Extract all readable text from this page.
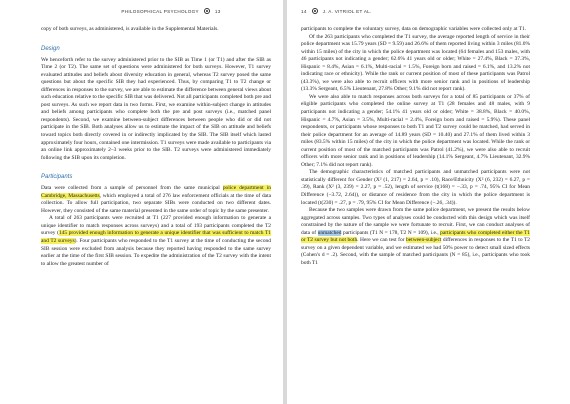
PHILOSOPHICAL PSYCHOLOGY	13

copy of both surveys, as administered, is available in the Supplemental Materials.

Design

We henceforth refer to the survey administered prior to the SIB as Time 1 (or T1) and after the SIB as Time 2 (or T2). The same set of questions were administered for both surveys. However, T1 survey evaluated attitudes and beliefs about diversity education in general, whereas T2 survey posed the same questions but about the specific SIB they had experienced. Thus, by comparing T1 to T2 change or differences in responses to the survey, we are able to estimate the difference between general views about such education relative to the specific SIB that was delivered. Not all participants completed both pre and post surveys. As such we report data in two forms. First, we examine within-subject change in attitudes and beliefs among participants who complete both the pre and post surveys (i.e., matched panel respondents). Second, we examine between-subject differences between people who did or did not participate in the SIB. Both analyses allow us to estimate the impact of the SIB on attitude and beliefs toward topics both directly covered in or indirectly implicated by the SIB. The SIB itself which lasted approximately four hours, contained one intermission. T1 surveys were made available to participants via an online link approximately 2–3 weeks prior to the SIB. T2 surveys were administered immediately following the SIB upon its completion.

Participants

Data were collected from a sample of personnel from the same municipal police department in Cambridge, Massachusetts, which employed a total of 276 law enforcement officials at the time of data collection. To allow full participation, two separate SIBs were conducted on two different dates. However, they consisted of the same material presented in the same order of topic by the same presenter.

A total of 263 participants were recruited at T1 (227 provided enough information to generate a unique identifier to match responses across surveys) and a total of 193 participants completed the T2 survey (145 provided enough information to generate a unique identifier that was sufficient to match T1 and T2 surveys). Four participants who responded to the T1 survey at the time of conducting the second SIB session were excluded from analysis because they reported having responded to the same survey earlier at the time of the first SIB session. To expedite the administration of the T2 survey with the intent to allow the greatest number of

14	J. A. VITRIOL ET AL.

participants to complete the voluntary survey, data on demographic variables were collected only at T1.

Of the 263 participants who completed the T1 survey, the average reported length of service in their police department was 15.79 years (SD = 9.59) and 26.6% of them reported living within 3 miles (81.0% within 15 miles) of the city in which the police department was located (64 females and 153 males, with 46 participants not indicating a gender; 62.6% 41 years old or older; White = 27.4%, Black = 37.3%, Hispanic = 8.4%, Asian = 6.1%, Multi-racial = 1.5%, Foreign born and raised = 6.1%, and 13.2% not indicating race or ethnicity). While the rank or current position of most of these participants was Patrol (43.3%), we were also able to recruit officers with more senior rank and in positions of leadership (13.3% Sergeant, 6.5% Lieutenant, 27.8% Other; 9.1% did not report rank).

We were also able to match responses across both surveys for a total of 85 participants or 37% of eligible participants who completed the online survey at T1 (28 females and 48 males, with 9 participants not indicating a gender; 54.1% 41 years old or older; White = 38.8%, Black = 40.0%, Hispanic = 4.7%, Asian = 3.5%, Multi-racial = 2.4%, Foreign born and raised = 5.9%). These panel respondents, or participants whose responses to both T1 and T2 survey could be matched, had served in their police department for an average of 14.89 years (SD = 10.40) and 27.1% of them lived within 3 miles (83.5% within 15 miles) of the city in which the police department was located. While the rank or current position of most of the matched participants was Patrol (41.2%), we were also able to recruit officers with more senior rank and in positions of leadership (14.1% Sergeant, 4.7% Lieutenant, 32.9% Other; 7.1% did not report rank).

The demographic characteristics of matched participants and unmatched participants were not statistically different for Gender (X² (1, 217) = 2.64, p = .10), Race/Ethnicity (X² (6, 232) = 6.27, p = .39), Rank (X² (3, 239) = 2.27, p = .52), length of service (t(168) = −.33, p = .74, 95% CI for Mean Difference (−3.72, 2.64)), or distance of residence from the city in which the police department is located (t(230) = .27, p = .79, 95% CI for Mean Difference (−.26, .34)).

Because the two samples were drawn from the same police department, we present the results below aggregated across samples. Two types of analyses could be conducted with this design which was itself constrained by the nature of the sample we were fortunate to recruit. First, we can conduct analyses of data of unmatched participants (T1 N = 178, T2 N = 109), i.e., participants who completed either the T1 or T2 survey but not both. Here we can test for between-subject differences in responses to the T1 to T2 survey on a given dependent variable, and we estimated we had 50% power to detect small sized effects (Cohen's d = .2). Second, with the sample of matched participants (N = 85), i.e., participants who took both T1
